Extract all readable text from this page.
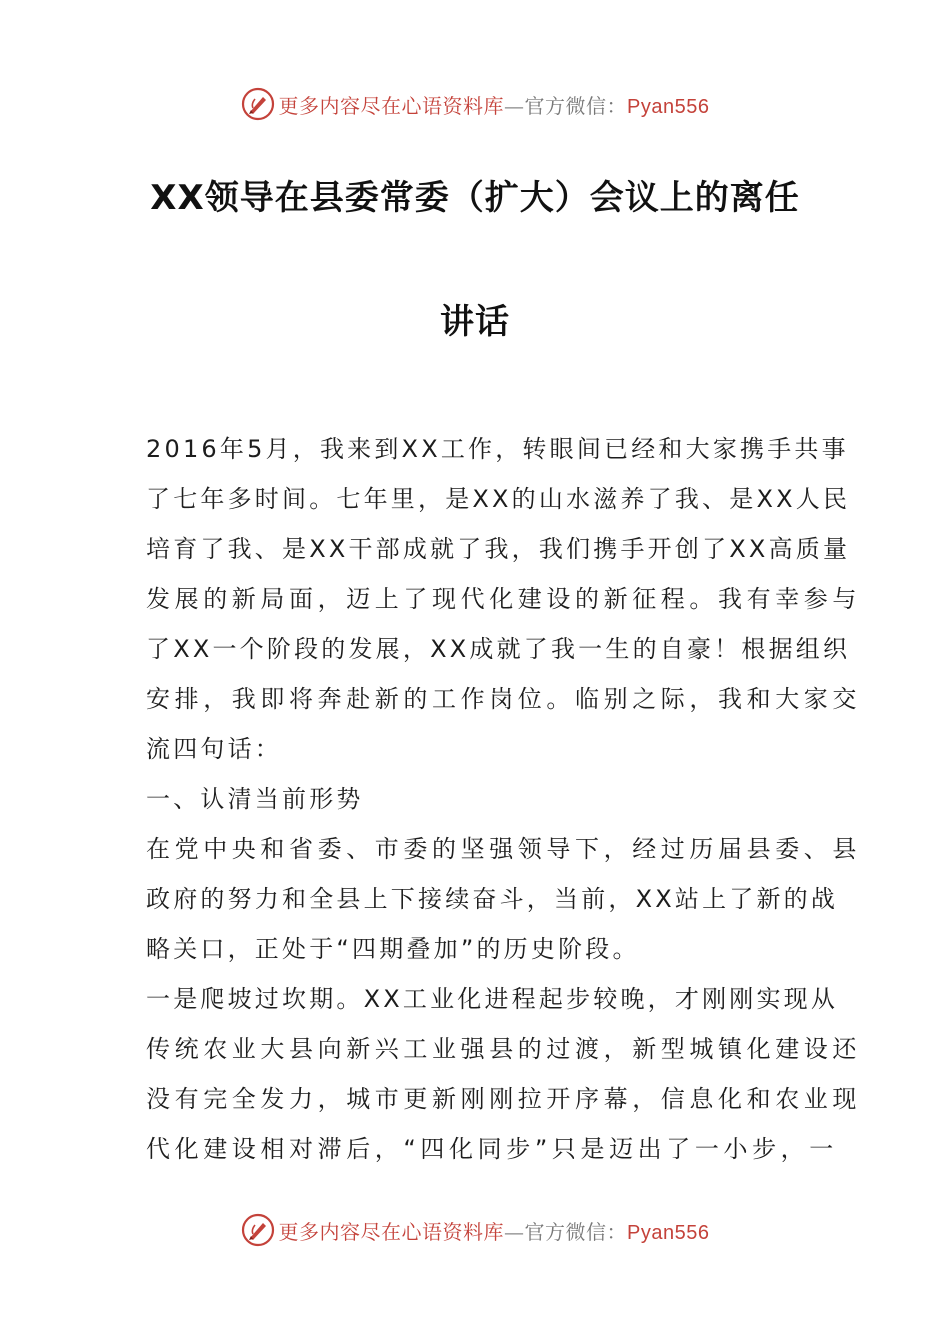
更多内容尽在心语资料库—官方微信：Pyan556
XX领导在县委常委（扩大）会议上的离任
讲话
2016年5月，我来到XX工作，转眼间已经和大家携手共事
了七年多时间。七年里，是XX的山水滋养了我、是XX人民
培育了我、是XX干部成就了我，我们携手开创了XX高质量
发展的新局面，迈上了现代化建设的新征程。我有幸参与
了XX一个阶段的发展，XX成就了我一生的自豪！根据组织
安排，我即将奔赴新的工作岗位。临别之际，我和大家交
流四句话：
一、认清当前形势
在党中央和省委、市委的坚强领导下，经过历届县委、县
政府的努力和全县上下接续奋斗，当前，XX站上了新的战
略关口，正处于“四期叠加”的历史阶段。
一是爬坡过坎期。XX工业化进程起步较晚，才刚刚实现从
传统农业大县向新兴工业强县的过渡，新型城镇化建设还
没有完全发力，城市更新刚刚拉开序幕，信息化和农业现
代化建设相对滞后，“四化同步”只是迈出了一小步，一
更多内容尽在心语资料库—官方微信：Pyan556
